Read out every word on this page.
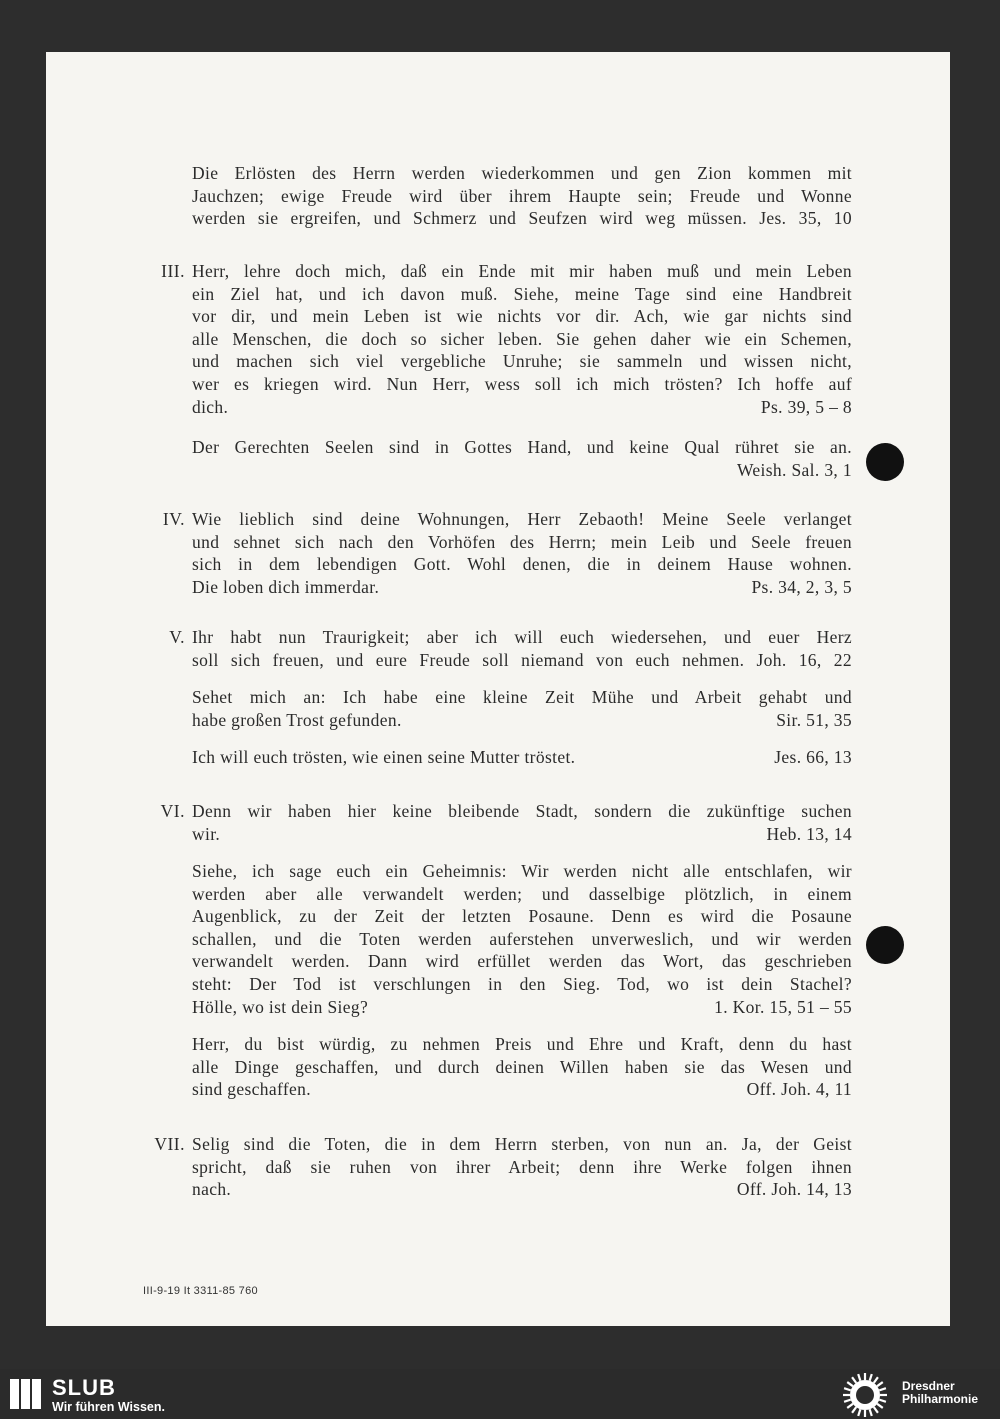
Die Erlösten des Herrn werden wiederkommen und gen Zion kommen mit
Jauchzen; ewige Freude wird über ihrem Haupte sein; Freude und Wonne
werden sie ergreifen, und Schmerz und Seufzen wird weg müssen. Jes. 35, 10
III. Herr, lehre doch mich, daß ein Ende mit mir haben muß und mein Leben
ein Ziel hat, und ich davon muß. Siehe, meine Tage sind eine Handbreit
vor dir, und mein Leben ist wie nichts vor dir. Ach, wie gar nichts sind
alle Menschen, die doch so sicher leben. Sie gehen daher wie ein Schemen,
und machen sich viel vergebliche Unruhe; sie sammeln und wissen nicht,
wer es kriegen wird. Nun Herr, wess soll ich mich trösten? Ich hoffe auf
dich.	Ps. 39, 5 – 8
Der Gerechten Seelen sind in Gottes Hand, und keine Qual rühret sie an.
Weish. Sal. 3, 1
IV. Wie lieblich sind deine Wohnungen, Herr Zebaoth! Meine Seele verlanget
und sehnet sich nach den Vorhöfen des Herrn; mein Leib und Seele freuen
sich in dem lebendigen Gott. Wohl denen, die in deinem Hause wohnen.
Die loben dich immerdar.	Ps. 34, 2, 3, 5
V. Ihr habt nun Traurigkeit; aber ich will euch wiedersehen, und euer Herz
soll sich freuen, und eure Freude soll niemand von euch nehmen. Joh. 16, 22
Sehet mich an: Ich habe eine kleine Zeit Mühe und Arbeit gehabt und
habe großen Trost gefunden.	Sir. 51, 35
Ich will euch trösten, wie einen seine Mutter tröstet.	Jes. 66, 13
VI. Denn wir haben hier keine bleibende Stadt, sondern die zukünftige suchen
wir.	Heb. 13, 14
Siehe, ich sage euch ein Geheimnis: Wir werden nicht alle entschlafen, wir
werden aber alle verwandelt werden; und dasselbige plötzlich, in einem
Augenblick, zu der Zeit der letzten Posaune. Denn es wird die Posaune
schallen, und die Toten werden auferstehen unverweslich, und wir werden
verwandelt werden. Dann wird erfüllet werden das Wort, das geschrieben
steht: Der Tod ist verschlungen in den Sieg. Tod, wo ist dein Stachel?
Hölle, wo ist dein Sieg?	1. Kor. 15, 51 – 55
Herr, du bist würdig, zu nehmen Preis und Ehre und Kraft, denn du hast
alle Dinge geschaffen, und durch deinen Willen haben sie das Wesen und
sind geschaffen.	Off. Joh. 4, 11
VII. Selig sind die Toten, die in dem Herrn sterben, von nun an. Ja, der Geist
spricht, daß sie ruhen von ihrer Arbeit; denn ihre Werke folgen ihnen
nach.	Off. Joh. 14, 13
III-9-19 It 3311-85 760
SLUB
Wir führen Wissen.
Dresdner
Philharmonie
